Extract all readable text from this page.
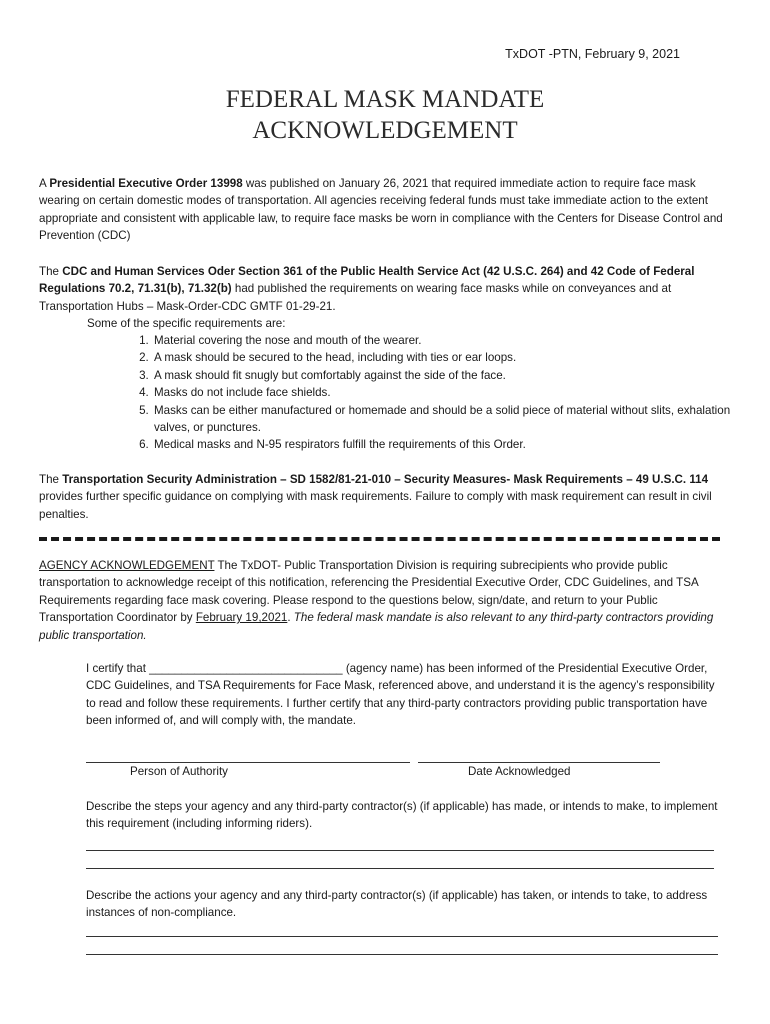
TxDOT -PTN, February 9, 2021
FEDERAL MASK MANDATE
ACKNOWLEDGEMENT
A Presidential Executive Order 13998 was published on January 26, 2021 that required immediate action to require face mask wearing on certain domestic modes of transportation. All agencies receiving federal funds must take immediate action to the extent appropriate and consistent with applicable law, to require face masks be worn in compliance with the Centers for Disease Control and Prevention (CDC)
The CDC and Human Services Oder Section 361 of the Public Health Service Act (42 U.S.C. 264) and 42 Code of Federal Regulations 70.2, 71.31(b), 71.32(b) had published the requirements on wearing face masks while on conveyances and at Transportation Hubs – Mask-Order-CDC GMTF 01-29-21.
Some of the specific requirements are:
1. Material covering the nose and mouth of the wearer.
2. A mask should be secured to the head, including with ties or ear loops.
3. A mask should fit snugly but comfortably against the side of the face.
4. Masks do not include face shields.
5. Masks can be either manufactured or homemade and should be a solid piece of material without slits, exhalation valves, or punctures.
6. Medical masks and N-95 respirators fulfill the requirements of this Order.
The Transportation Security Administration – SD 1582/81-21-010 – Security Measures- Mask Requirements – 49 U.S.C. 114 provides further specific guidance on complying with mask requirements. Failure to comply with mask requirement can result in civil penalties.
AGENCY ACKNOWLEDGEMENT The TxDOT- Public Transportation Division is requiring subrecipients who provide public transportation to acknowledge receipt of this notification, referencing the Presidential Executive Order, CDC Guidelines, and TSA Requirements regarding face mask covering. Please respond to the questions below, sign/date, and return to your Public Transportation Coordinator by February 19,2021. The federal mask mandate is also relevant to any third-party contractors providing public transportation.
I certify that ______________________________ (agency name) has been informed of the Presidential Executive Order, CDC Guidelines, and TSA Requirements for Face Mask, referenced above, and understand it is the agency’s responsibility to read and follow these requirements. I further certify that any third-party contractors providing public transportation have been informed of, and will comply with, the mandate.
Person of Authority	Date Acknowledged
Describe the steps your agency and any third-party contractor(s) (if applicable) has made, or intends to make, to implement this requirement (including informing riders).
Describe the actions your agency and any third-party contractor(s) (if applicable) has taken, or intends to take, to address instances of non-compliance.
